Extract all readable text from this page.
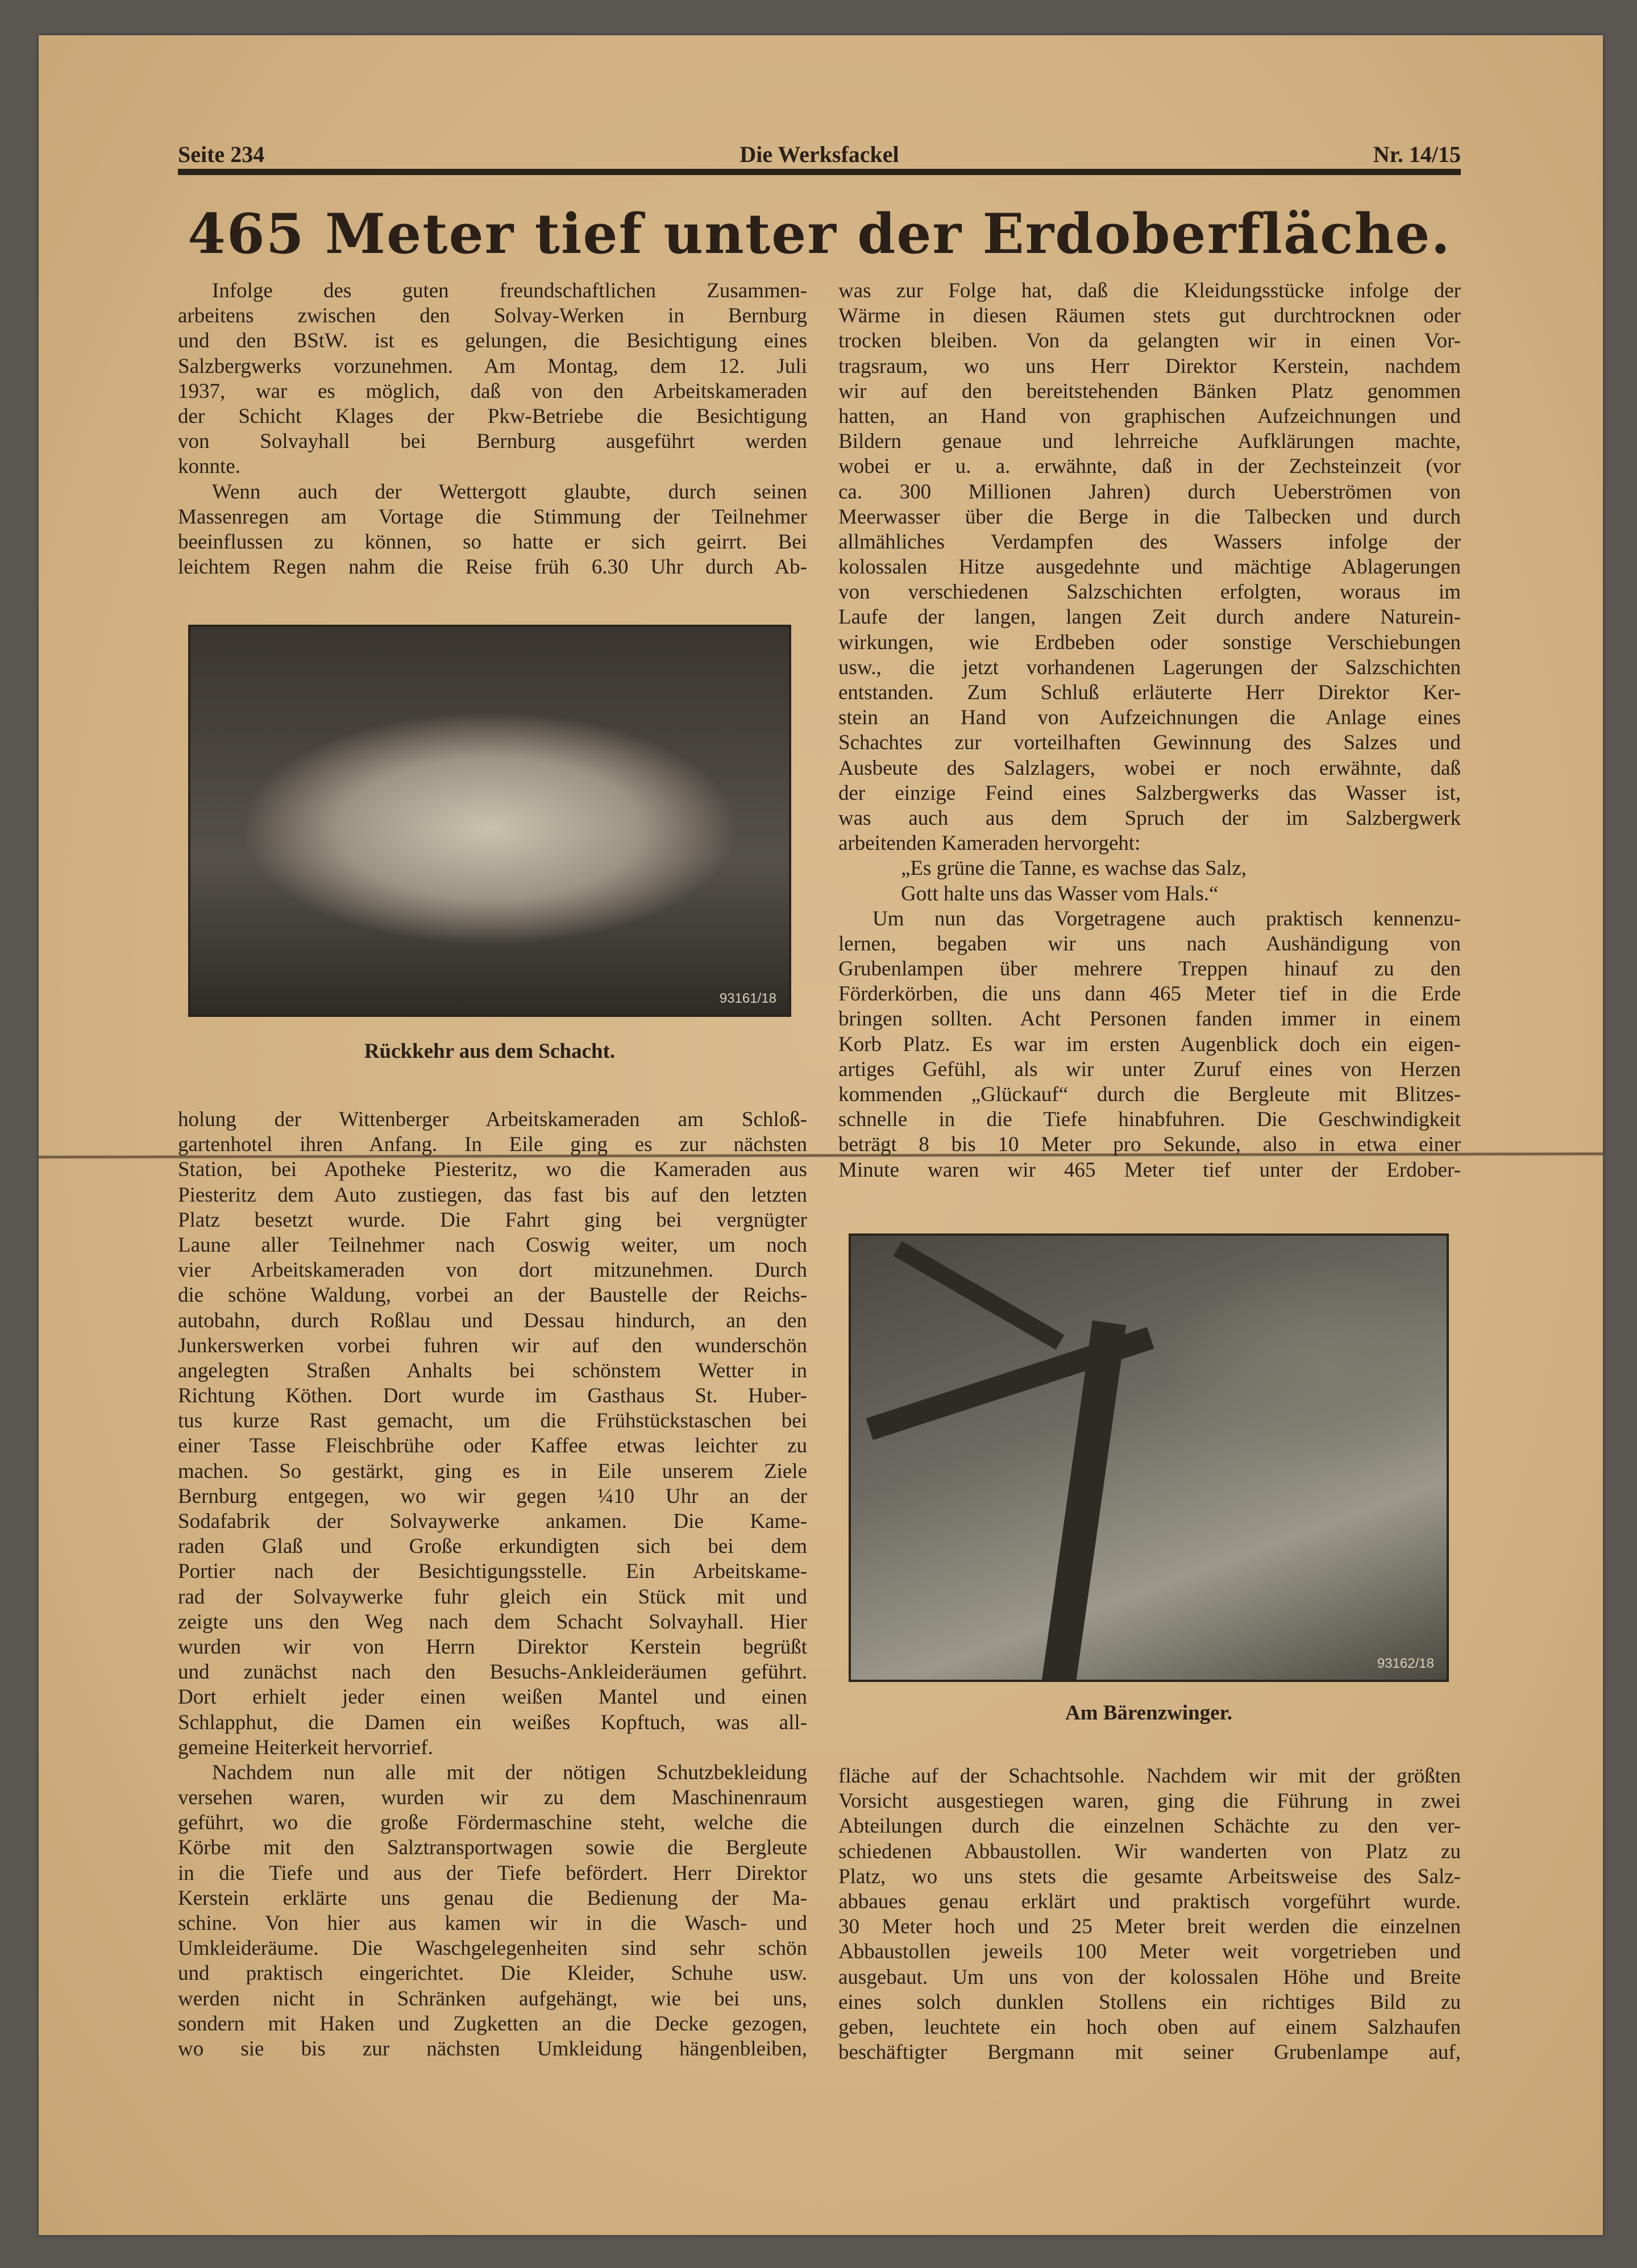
Seite 234	Die Werksfackel	Nr. 14/15
465 Meter tief unter der Erdoberfläche.
Infolge des guten freundschaftlichen Zusammen-
arbeitens zwischen den Solvay-Werken in Bernburg
und den BStW. ist es gelungen, die Besichtigung eines
Salzbergwerks vorzunehmen. Am Montag, dem 12. Juli
1937, war es möglich, daß von den Arbeitskameraden
der Schicht Klages der Pkw-Betriebe die Besichtigung
von Solvayhall bei Bernburg ausgeführt werden
konnte.
Wenn auch der Wettergott glaubte, durch seinen
Massenregen am Vortage die Stimmung der Teilnehmer
beeinflussen zu können, so hatte er sich geirrt. Bei
leichtem Regen nahm die Reise früh 6.30 Uhr durch Ab-
93161/18
Rückkehr aus dem Schacht.
holung der Wittenberger Arbeitskameraden am Schloß-
gartenhotel ihren Anfang. In Eile ging es zur nächsten
Station, bei Apotheke Piesteritz, wo die Kameraden aus
Piesteritz dem Auto zustiegen, das fast bis auf den letzten
Platz besetzt wurde. Die Fahrt ging bei vergnügter
Laune aller Teilnehmer nach Coswig weiter, um noch
vier Arbeitskameraden von dort mitzunehmen. Durch
die schöne Waldung, vorbei an der Baustelle der Reichs-
autobahn, durch Roßlau und Dessau hindurch, an den
Junkerswerken vorbei fuhren wir auf den wunderschön
angelegten Straßen Anhalts bei schönstem Wetter in
Richtung Köthen. Dort wurde im Gasthaus St. Huber-
tus kurze Rast gemacht, um die Frühstückstaschen bei
einer Tasse Fleischbrühe oder Kaffee etwas leichter zu
machen. So gestärkt, ging es in Eile unserem Ziele
Bernburg entgegen, wo wir gegen ¼10 Uhr an der
Sodafabrik der Solvaywerke ankamen. Die Kame-
raden Glaß und Große erkundigten sich bei dem
Portier nach der Besichtigungsstelle. Ein Arbeitskame-
rad der Solvaywerke fuhr gleich ein Stück mit und
zeigte uns den Weg nach dem Schacht Solvayhall. Hier
wurden wir von Herrn Direktor Kerstein begrüßt
und zunächst nach den Besuchs-Ankleideräumen geführt.
Dort erhielt jeder einen weißen Mantel und einen
Schlapphut, die Damen ein weißes Kopftuch, was all-
gemeine Heiterkeit hervorrief.
Nachdem nun alle mit der nötigen Schutzbekleidung
versehen waren, wurden wir zu dem Maschinenraum
geführt, wo die große Fördermaschine steht, welche die
Körbe mit den Salztransportwagen sowie die Bergleute
in die Tiefe und aus der Tiefe befördert. Herr Direktor
Kerstein erklärte uns genau die Bedienung der Ma-
schine. Von hier aus kamen wir in die Wasch- und
Umkleideräume. Die Waschgelegenheiten sind sehr schön
und praktisch eingerichtet. Die Kleider, Schuhe usw.
werden nicht in Schränken aufgehängt, wie bei uns,
sondern mit Haken und Zugketten an die Decke gezogen,
wo sie bis zur nächsten Umkleidung hängenbleiben,
was zur Folge hat, daß die Kleidungsstücke infolge der
Wärme in diesen Räumen stets gut durchtrocknen oder
trocken bleiben. Von da gelangten wir in einen Vor-
tragsraum, wo uns Herr Direktor Kerstein, nachdem
wir auf den bereitstehenden Bänken Platz genommen
hatten, an Hand von graphischen Aufzeichnungen und
Bildern genaue und lehrreiche Aufklärungen machte,
wobei er u. a. erwähnte, daß in der Zechsteinzeit (vor
ca. 300 Millionen Jahren) durch Ueberströmen von
Meerwasser über die Berge in die Talbecken und durch
allmähliches Verdampfen des Wassers infolge der
kolossalen Hitze ausgedehnte und mächtige Ablagerungen
von verschiedenen Salzschichten erfolgten, woraus im
Laufe der langen, langen Zeit durch andere Naturein-
wirkungen, wie Erdbeben oder sonstige Verschiebungen
usw., die jetzt vorhandenen Lagerungen der Salzschichten
entstanden. Zum Schluß erläuterte Herr Direktor Ker-
stein an Hand von Aufzeichnungen die Anlage eines
Schachtes zur vorteilhaften Gewinnung des Salzes und
Ausbeute des Salzlagers, wobei er noch erwähnte, daß
der einzige Feind eines Salzbergwerks das Wasser ist,
was auch aus dem Spruch der im Salzbergwerk
arbeitenden Kameraden hervorgeht:
„Es grüne die Tanne, es wachse das Salz,
Gott halte uns das Wasser vom Hals.“
Um nun das Vorgetragene auch praktisch kennenzu-
lernen, begaben wir uns nach Aushändigung von
Grubenlampen über mehrere Treppen hinauf zu den
Förderkörben, die uns dann 465 Meter tief in die Erde
bringen sollten. Acht Personen fanden immer in einem
Korb Platz. Es war im ersten Augenblick doch ein eigen-
artiges Gefühl, als wir unter Zuruf eines von Herzen
kommenden „Glückauf“ durch die Bergleute mit Blitzes-
schnelle in die Tiefe hinabfuhren. Die Geschwindigkeit
beträgt 8 bis 10 Meter pro Sekunde, also in etwa einer
Minute waren wir 465 Meter tief unter der Erdober-
93162/18
Am Bärenzwinger.
fläche auf der Schachtsohle. Nachdem wir mit der größten
Vorsicht ausgestiegen waren, ging die Führung in zwei
Abteilungen durch die einzelnen Schächte zu den ver-
schiedenen Abbaustollen. Wir wanderten von Platz zu
Platz, wo uns stets die gesamte Arbeitsweise des Salz-
abbaues genau erklärt und praktisch vorgeführt wurde.
30 Meter hoch und 25 Meter breit werden die einzelnen
Abbaustollen jeweils 100 Meter weit vorgetrieben und
ausgebaut. Um uns von der kolossalen Höhe und Breite
eines solch dunklen Stollens ein richtiges Bild zu
geben, leuchtete ein hoch oben auf einem Salzhaufen
beschäftigter Bergmann mit seiner Grubenlampe auf,
